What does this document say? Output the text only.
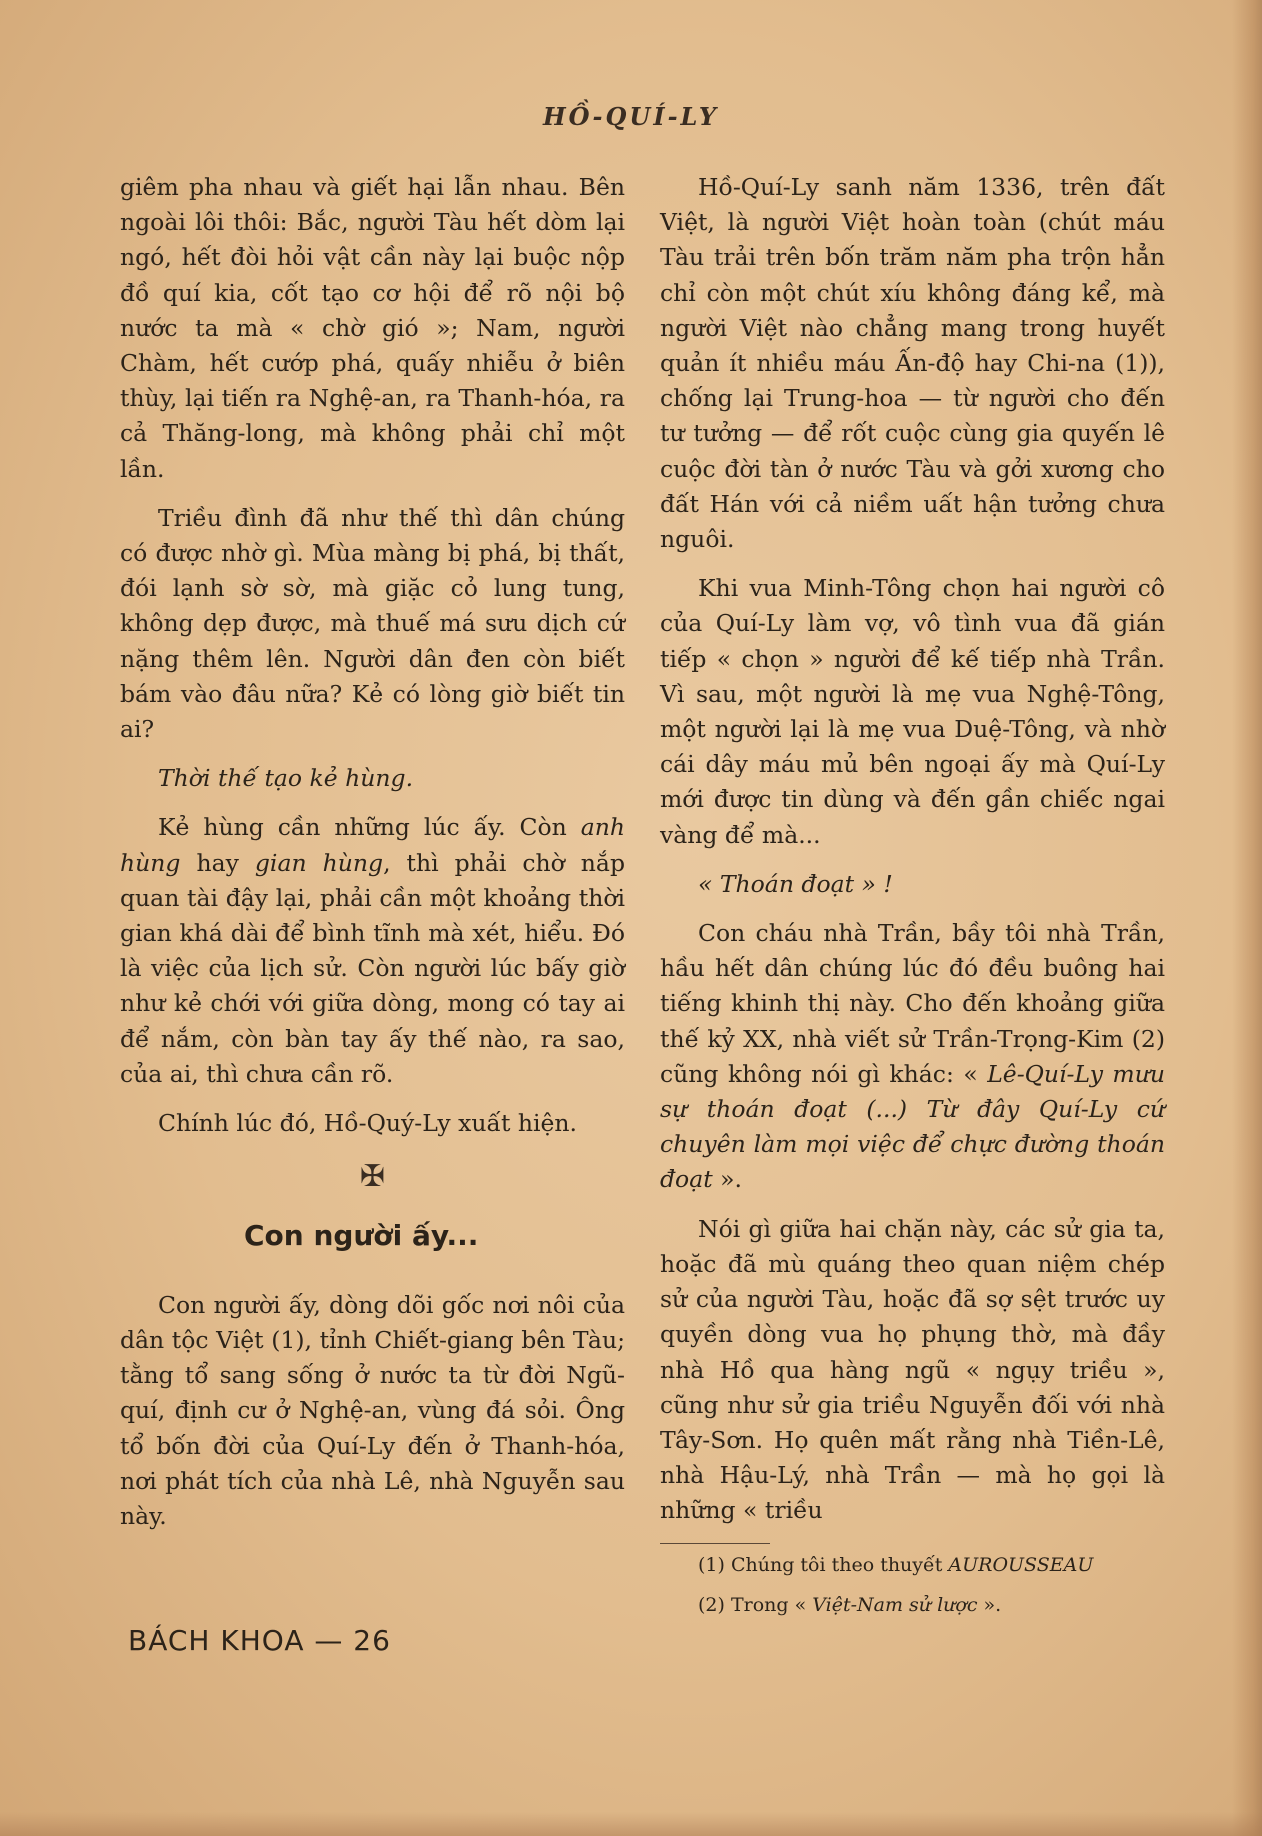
HỒ-QUÍ-LY

giêm pha nhau và giết hại lẫn nhau. Bên ngoài lôi thôi: Bắc, người Tàu hết dòm lại ngó, hết đòi hỏi vật cần này lại buộc nộp đồ quí kia, cốt tạo cơ hội để rõ nội bộ nước ta mà « chờ gió »; Nam, người Chàm, hết cướp phá, quấy nhiễu ở biên thùy, lại tiến ra Nghệ-an, ra Thanh-hóa, ra cả Thăng-long, mà không phải chỉ một lần.

Triều đình đã như thế thì dân chúng có được nhờ gì. Mùa màng bị phá, bị thất, đói lạnh sờ sờ, mà giặc cỏ lung tung, không dẹp được, mà thuế má sưu dịch cứ nặng thêm lên. Người dân đen còn biết bám vào đâu nữa? Kẻ có lòng giờ biết tin ai?

Thời thế tạo kẻ hùng.

Kẻ hùng cần những lúc ấy. Còn anh hùng hay gian hùng, thì phải chờ nắp quan tài đậy lại, phải cần một khoảng thời gian khá dài để bình tĩnh mà xét, hiểu. Đó là việc của lịch sử. Còn người lúc bấy giờ như kẻ chới với giữa dòng, mong có tay ai để nắm, còn bàn tay ấy thế nào, ra sao, của ai, thì chưa cần rõ.

Chính lúc đó, Hồ-Quý-Ly xuất hiện.

✠
Con người ấy...

Con người ấy, dòng dõi gốc nơi nôi của dân tộc Việt (1), tỉnh Chiết-giang bên Tàu; tằng tổ sang sống ở nước ta từ đời Ngũ-quí, định cư ở Nghệ-an, vùng đá sỏi. Ông tổ bốn đời của Quí-Ly đến ở Thanh-hóa, nơi phát tích của nhà Lê, nhà Nguyễn sau này.

Hồ-Quí-Ly sanh năm 1336, trên đất Việt, là người Việt hoàn toàn (chút máu Tàu trải trên bốn trăm năm pha trộn hẳn chỉ còn một chút xíu không đáng kể, mà người Việt nào chẳng mang trong huyết quản ít nhiều máu Ấn-độ hay Chi-na (1)), chống lại Trung-hoa — từ người cho đến tư tưởng — để rốt cuộc cùng gia quyến lê cuộc đời tàn ở nước Tàu và gởi xương cho đất Hán với cả niềm uất hận tưởng chưa nguôi.

Khi vua Minh-Tông chọn hai người cô của Quí-Ly làm vợ, vô tình vua đã gián tiếp « chọn » người để kế tiếp nhà Trần. Vì sau, một người là mẹ vua Nghệ-Tông, một người lại là mẹ vua Duệ-Tông, và nhờ cái dây máu mủ bên ngoại ấy mà Quí-Ly mới được tin dùng và đến gần chiếc ngai vàng để mà...

« Thoán đoạt » !

Con cháu nhà Trần, bầy tôi nhà Trần, hầu hết dân chúng lúc đó đều buông hai tiếng khinh thị này. Cho đến khoảng giữa thế kỷ XX, nhà viết sử Trần-Trọng-Kim (2) cũng không nói gì khác: « Lê-Quí-Ly mưu sự thoán đoạt (...) Từ đây Quí-Ly cứ chuyên làm mọi việc để chực đường thoán đoạt ».

Nói gì giữa hai chặn này, các sử gia ta, hoặc đã mù quáng theo quan niệm chép sử của người Tàu, hoặc đã sợ sệt trước uy quyền dòng vua họ phụng thờ, mà đầy nhà Hồ qua hàng ngũ « ngụy triều », cũng như sử gia triều Nguyễn đối với nhà Tây-Sơn. Họ quên mất rằng nhà Tiền-Lê, nhà Hậu-Lý, nhà Trần — mà họ gọi là những « triều

(1) Chúng tôi theo thuyết AUROUSSEAU

(2) Trong « Việt-Nam sử lược ».

BÁCH KHOA — 26
